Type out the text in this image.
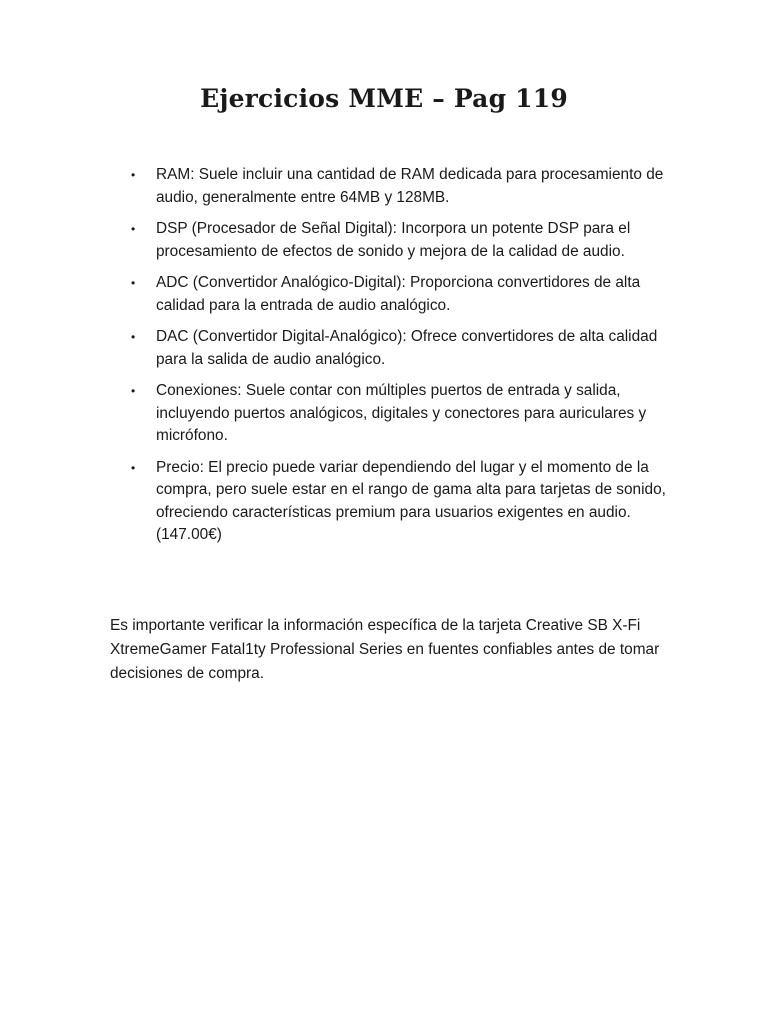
Ejercicios MME – Pag 119
• RAM: Suele incluir una cantidad de RAM dedicada para procesamiento de audio, generalmente entre 64MB y 128MB.
• DSP (Procesador de Señal Digital): Incorpora un potente DSP para el procesamiento de efectos de sonido y mejora de la calidad de audio.
• ADC (Convertidor Analógico-Digital): Proporciona convertidores de alta calidad para la entrada de audio analógico.
• DAC (Convertidor Digital-Analógico): Ofrece convertidores de alta calidad para la salida de audio analógico.
• Conexiones: Suele contar con múltiples puertos de entrada y salida, incluyendo puertos analógicos, digitales y conectores para auriculares y micrófono.
• Precio: El precio puede variar dependiendo del lugar y el momento de la compra, pero suele estar en el rango de gama alta para tarjetas de sonido, ofreciendo características premium para usuarios exigentes en audio. (147.00€)

Es importante verificar la información específica de la tarjeta Creative SB X-Fi XtremeGamer Fatal1ty Professional Series en fuentes confiables antes de tomar decisiones de compra.
